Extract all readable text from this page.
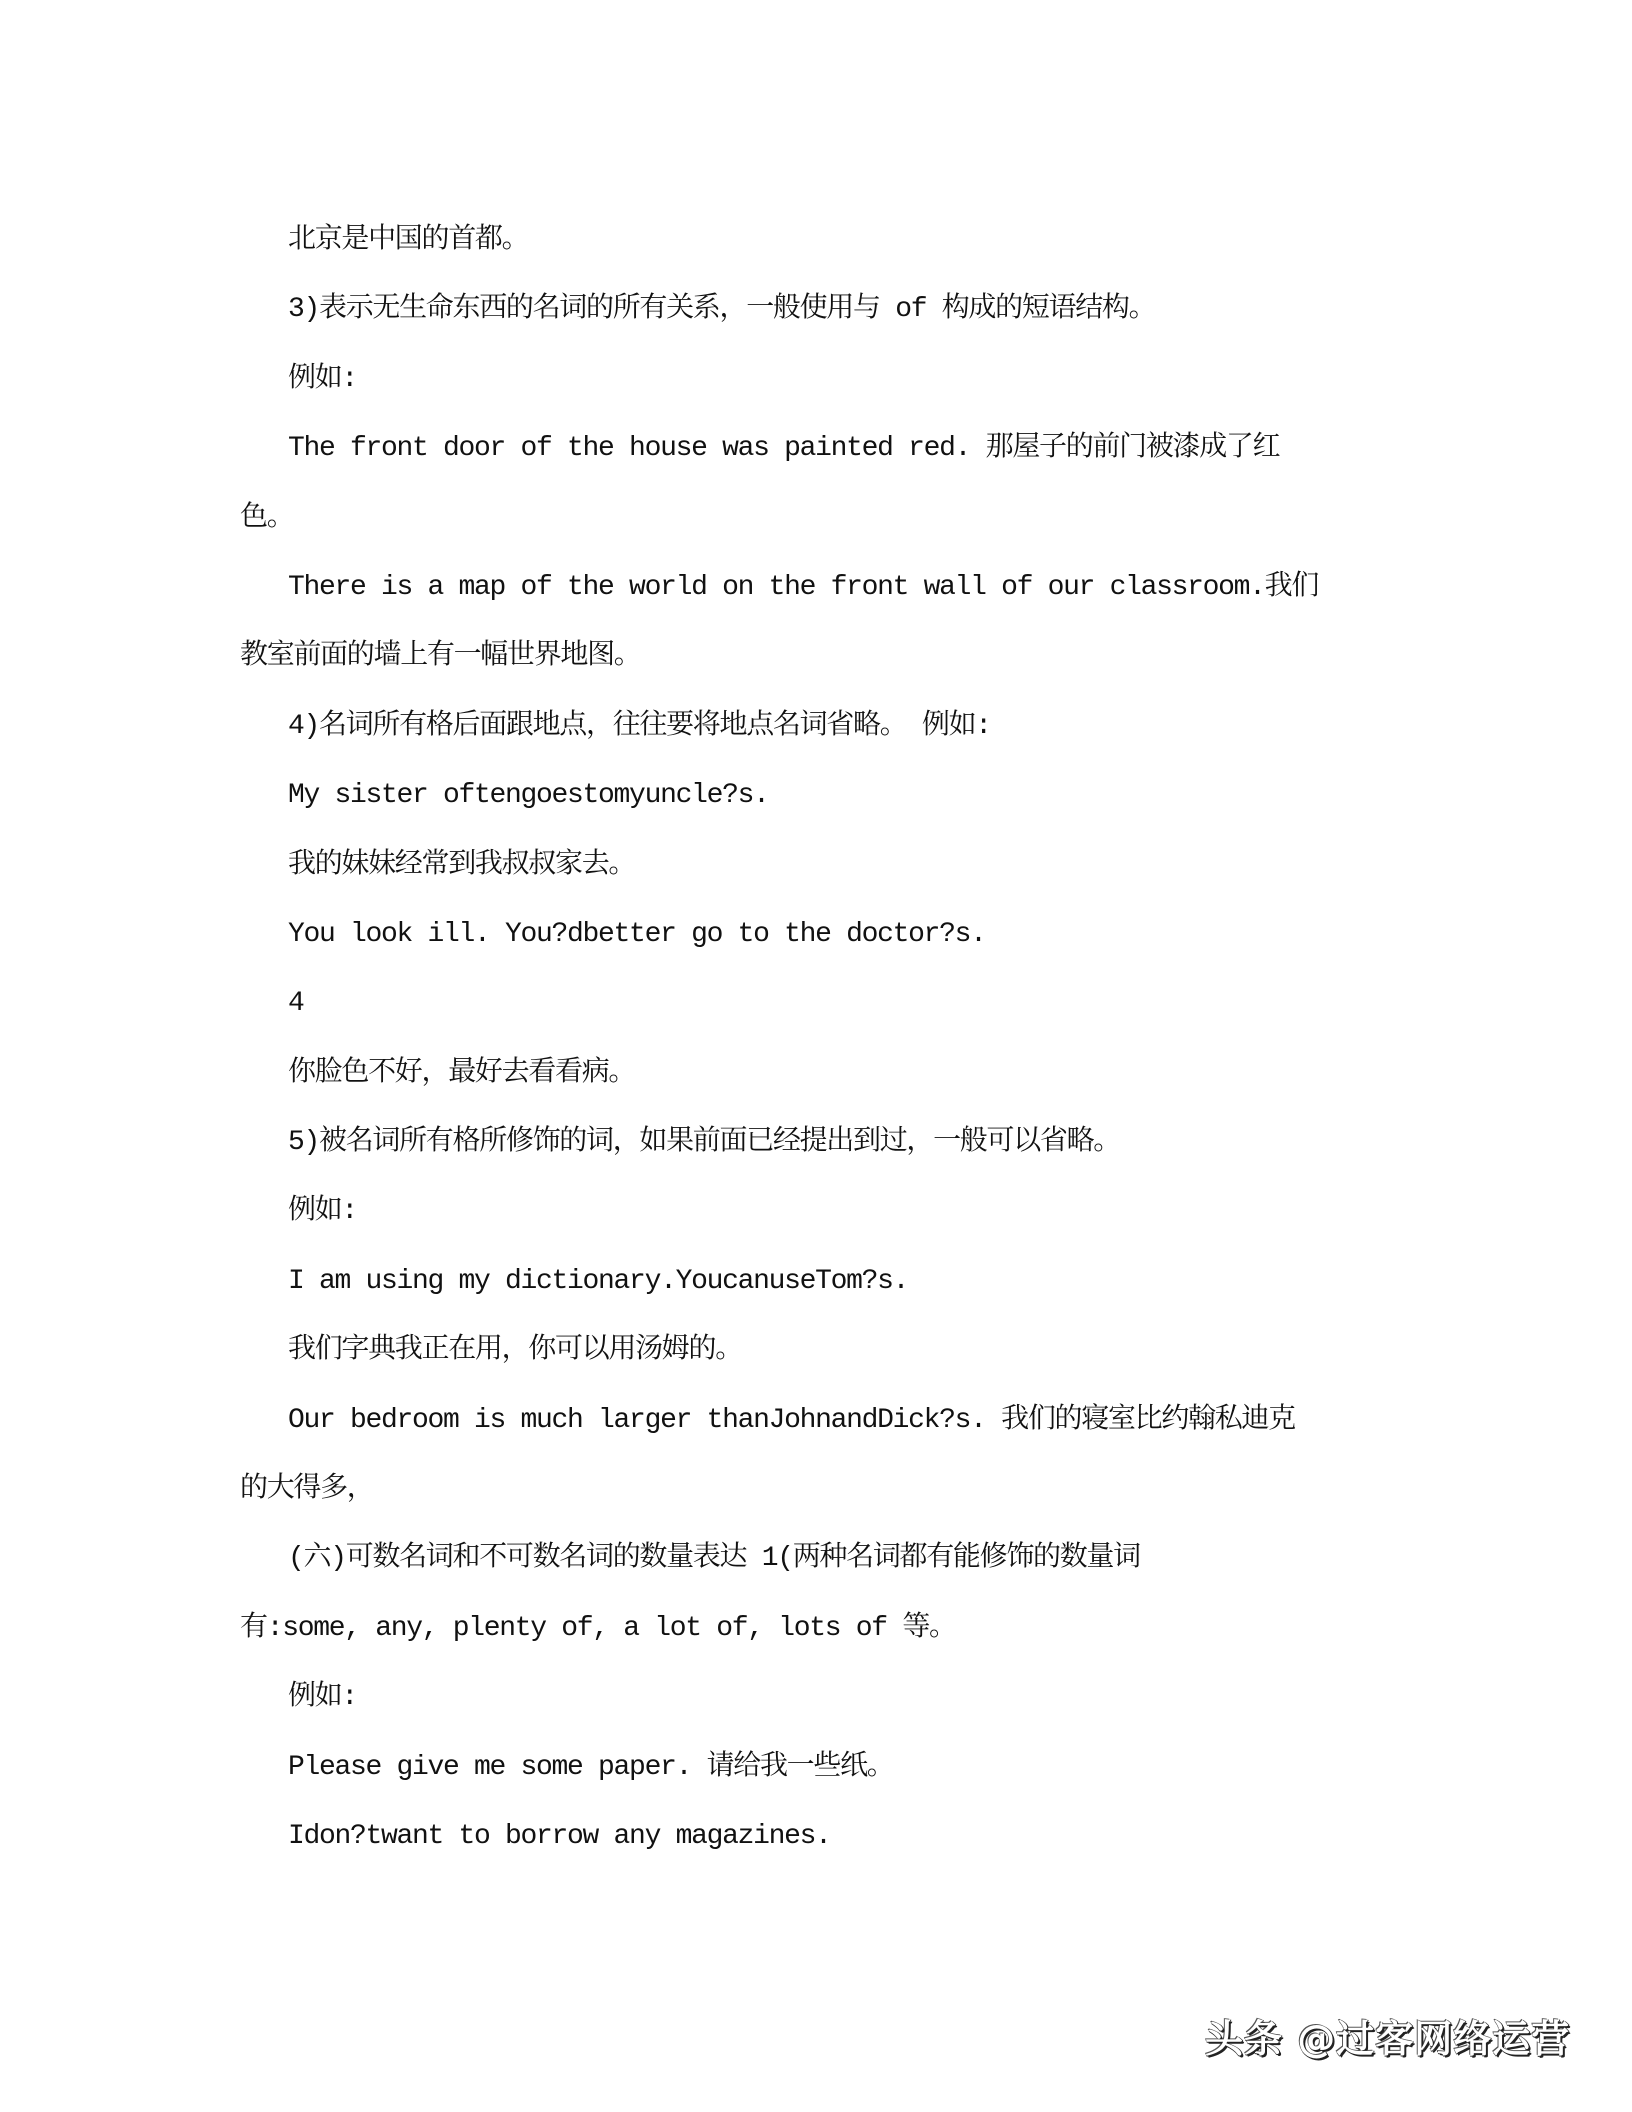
北京是中国的首都。
3)表示无生命东西的名词的所有关系，一般使用与 of 构成的短语结构。
例如:
The front door of the house was painted red. 那屋子的前门被漆成了红
色。
There is a map of the world on the front wall of our classroom.我们
教室前面的墙上有一幅世界地图。
4)名词所有格后面跟地点，往往要将地点名词省略。 例如:
My sister oftengoestomyuncle?s.
我的妹妹经常到我叔叔家去。
You look ill. You?dbetter go to the doctor?s.
4
你脸色不好，最好去看看病。
5)被名词所有格所修饰的词，如果前面已经提出到过，一般可以省略。
例如:
I am using my dictionary.YoucanuseTom?s.
我们字典我正在用，你可以用汤姆的。
Our bedroom is much larger thanJohnandDick?s. 我们的寝室比约翰私迪克
的大得多，
(六)可数名词和不可数名词的数量表达 1(两种名词都有能修饰的数量词
有:some, any, plenty of, a lot of, lots of 等。
例如:
Please give me some paper. 请给我一些纸。
Idon?twant to borrow any magazines.
头条 @过客网络运营
